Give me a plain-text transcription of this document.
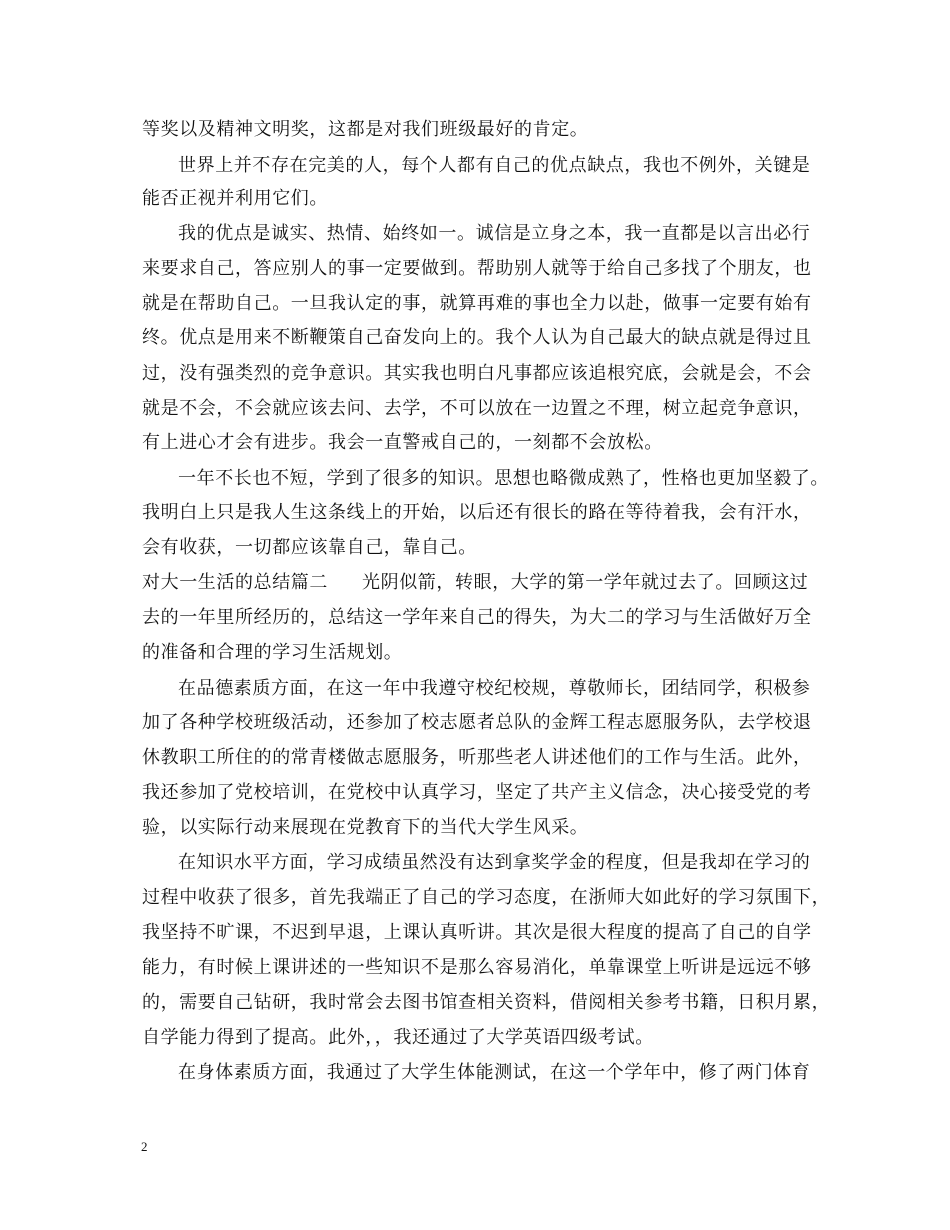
等奖以及精神文明奖，这都是对我们班级最好的肯定。
世界上并不存在完美的人，每个人都有自己的优点缺点，我也不例外，关键是
能否正视并利用它们。
我的优点是诚实、热情、始终如一。诚信是立身之本，我一直都是以言出必行
来要求自己，答应别人的事一定要做到。帮助别人就等于给自己多找了个朋友，也
就是在帮助自己。一旦我认定的事，就算再难的事也全力以赴，做事一定要有始有
终。优点是用来不断鞭策自己奋发向上的。我个人认为自己最大的缺点就是得过且
过，没有强类烈的竞争意识。其实我也明白凡事都应该追根究底，会就是会，不会
就是不会，不会就应该去问、去学，不可以放在一边置之不理，树立起竞争意识，
有上进心才会有进步。我会一直警戒自己的，一刻都不会放松。
一年不长也不短，学到了很多的知识。思想也略微成熟了，性格也更加坚毅了。
我明白上只是我人生这条线上的开始，以后还有很长的路在等待着我，会有汗水，
会有收获，一切都应该靠自己，靠自己。
对大一生活的总结篇二 光阴似箭，转眼，大学的第一学年就过去了。回顾这过
去的一年里所经历的，总结这一学年来自己的得失，为大二的学习与生活做好万全
的准备和合理的学习生活规划。
在品德素质方面，在这一年中我遵守校纪校规，尊敬师长，团结同学，积极参
加了各种学校班级活动，还参加了校志愿者总队的金辉工程志愿服务队，去学校退
休教职工所住的的常青楼做志愿服务，听那些老人讲述他们的工作与生活。此外，
我还参加了党校培训，在党校中认真学习，坚定了共产主义信念，决心接受党的考
验，以实际行动来展现在党教育下的当代大学生风采。
在知识水平方面，学习成绩虽然没有达到拿奖学金的程度，但是我却在学习的
过程中收获了很多，首先我端正了自己的学习态度，在浙师大如此好的学习氛围下，
我坚持不旷课，不迟到早退，上课认真听讲。其次是很大程度的提高了自己的自学
能力，有时候上课讲述的一些知识不是那么容易消化，单靠课堂上听讲是远远不够
的，需要自己钻研，我时常会去图书馆查相关资料，借阅相关参考书籍，日积月累，
自学能力得到了提高。此外，，我还通过了大学英语四级考试。
在身体素质方面，我通过了大学生体能测试，在这一个学年中，修了两门体育
2
